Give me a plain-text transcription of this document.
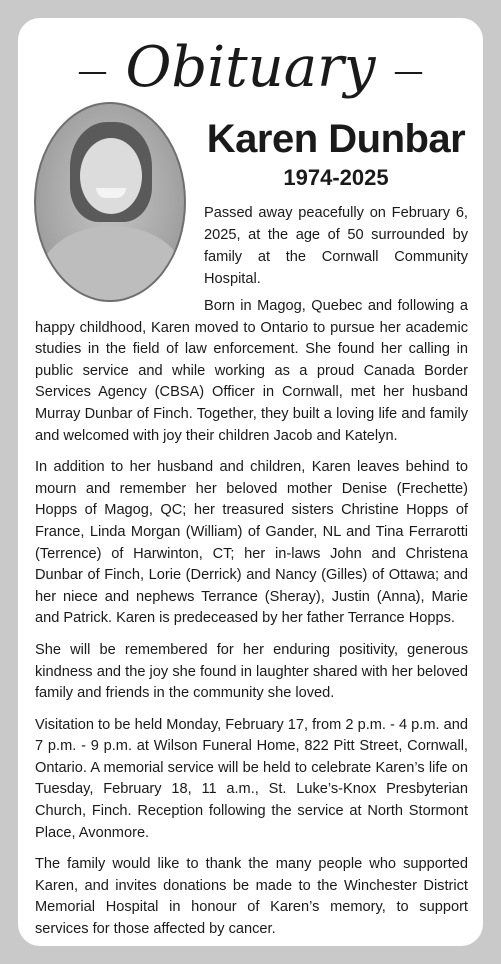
— Obituary —
Karen Dunbar
1974-2025

Passed away peacefully on February 6, 2025, at the age of 50 surrounded by family at the Cornwall Community Hospital.

Born in Magog, Quebec and following a happy childhood, Karen moved to Ontario to pursue her academic studies in the field of law enforcement. She found her calling in public service and while working as a proud Canada Border Services Agency (CBSA) Officer in Cornwall, met her husband Murray Dunbar of Finch. Together, they built a loving life and family and welcomed with joy their children Jacob and Katelyn.

In addition to her husband and children, Karen leaves behind to mourn and remember her beloved mother Denise (Frechette) Hopps of Magog, QC; her treasured sisters Christine Hopps of France, Linda Morgan (William) of Gander, NL and Tina Ferrarotti (Terrence) of Harwinton, CT; her in-laws John and Christena Dunbar of Finch, Lorie (Derrick) and Nancy (Gilles) of Ottawa; and her niece and nephews Terrance (Sheray), Justin (Anna), Marie and Patrick. Karen is predeceased by her father Terrance Hopps.

She will be remembered for her enduring positivity, generous kindness and the joy she found in laughter shared with her beloved family and friends in the community she loved.

Visitation to be held Monday, February 17, from 2 p.m. - 4 p.m. and 7 p.m. - 9 p.m. at Wilson Funeral Home, 822 Pitt Street, Cornwall, Ontario. A memorial service will be held to celebrate Karen’s life on Tuesday, February 18, 11 a.m., St. Luke’s-Knox Presbyterian Church, Finch. Reception following the service at North Stormont Place, Avonmore.

The family would like to thank the many people who supported Karen, and invites donations be made to the Winchester District Memorial Hospital in honour of Karen’s memory, to support services for those affected by cancer.
